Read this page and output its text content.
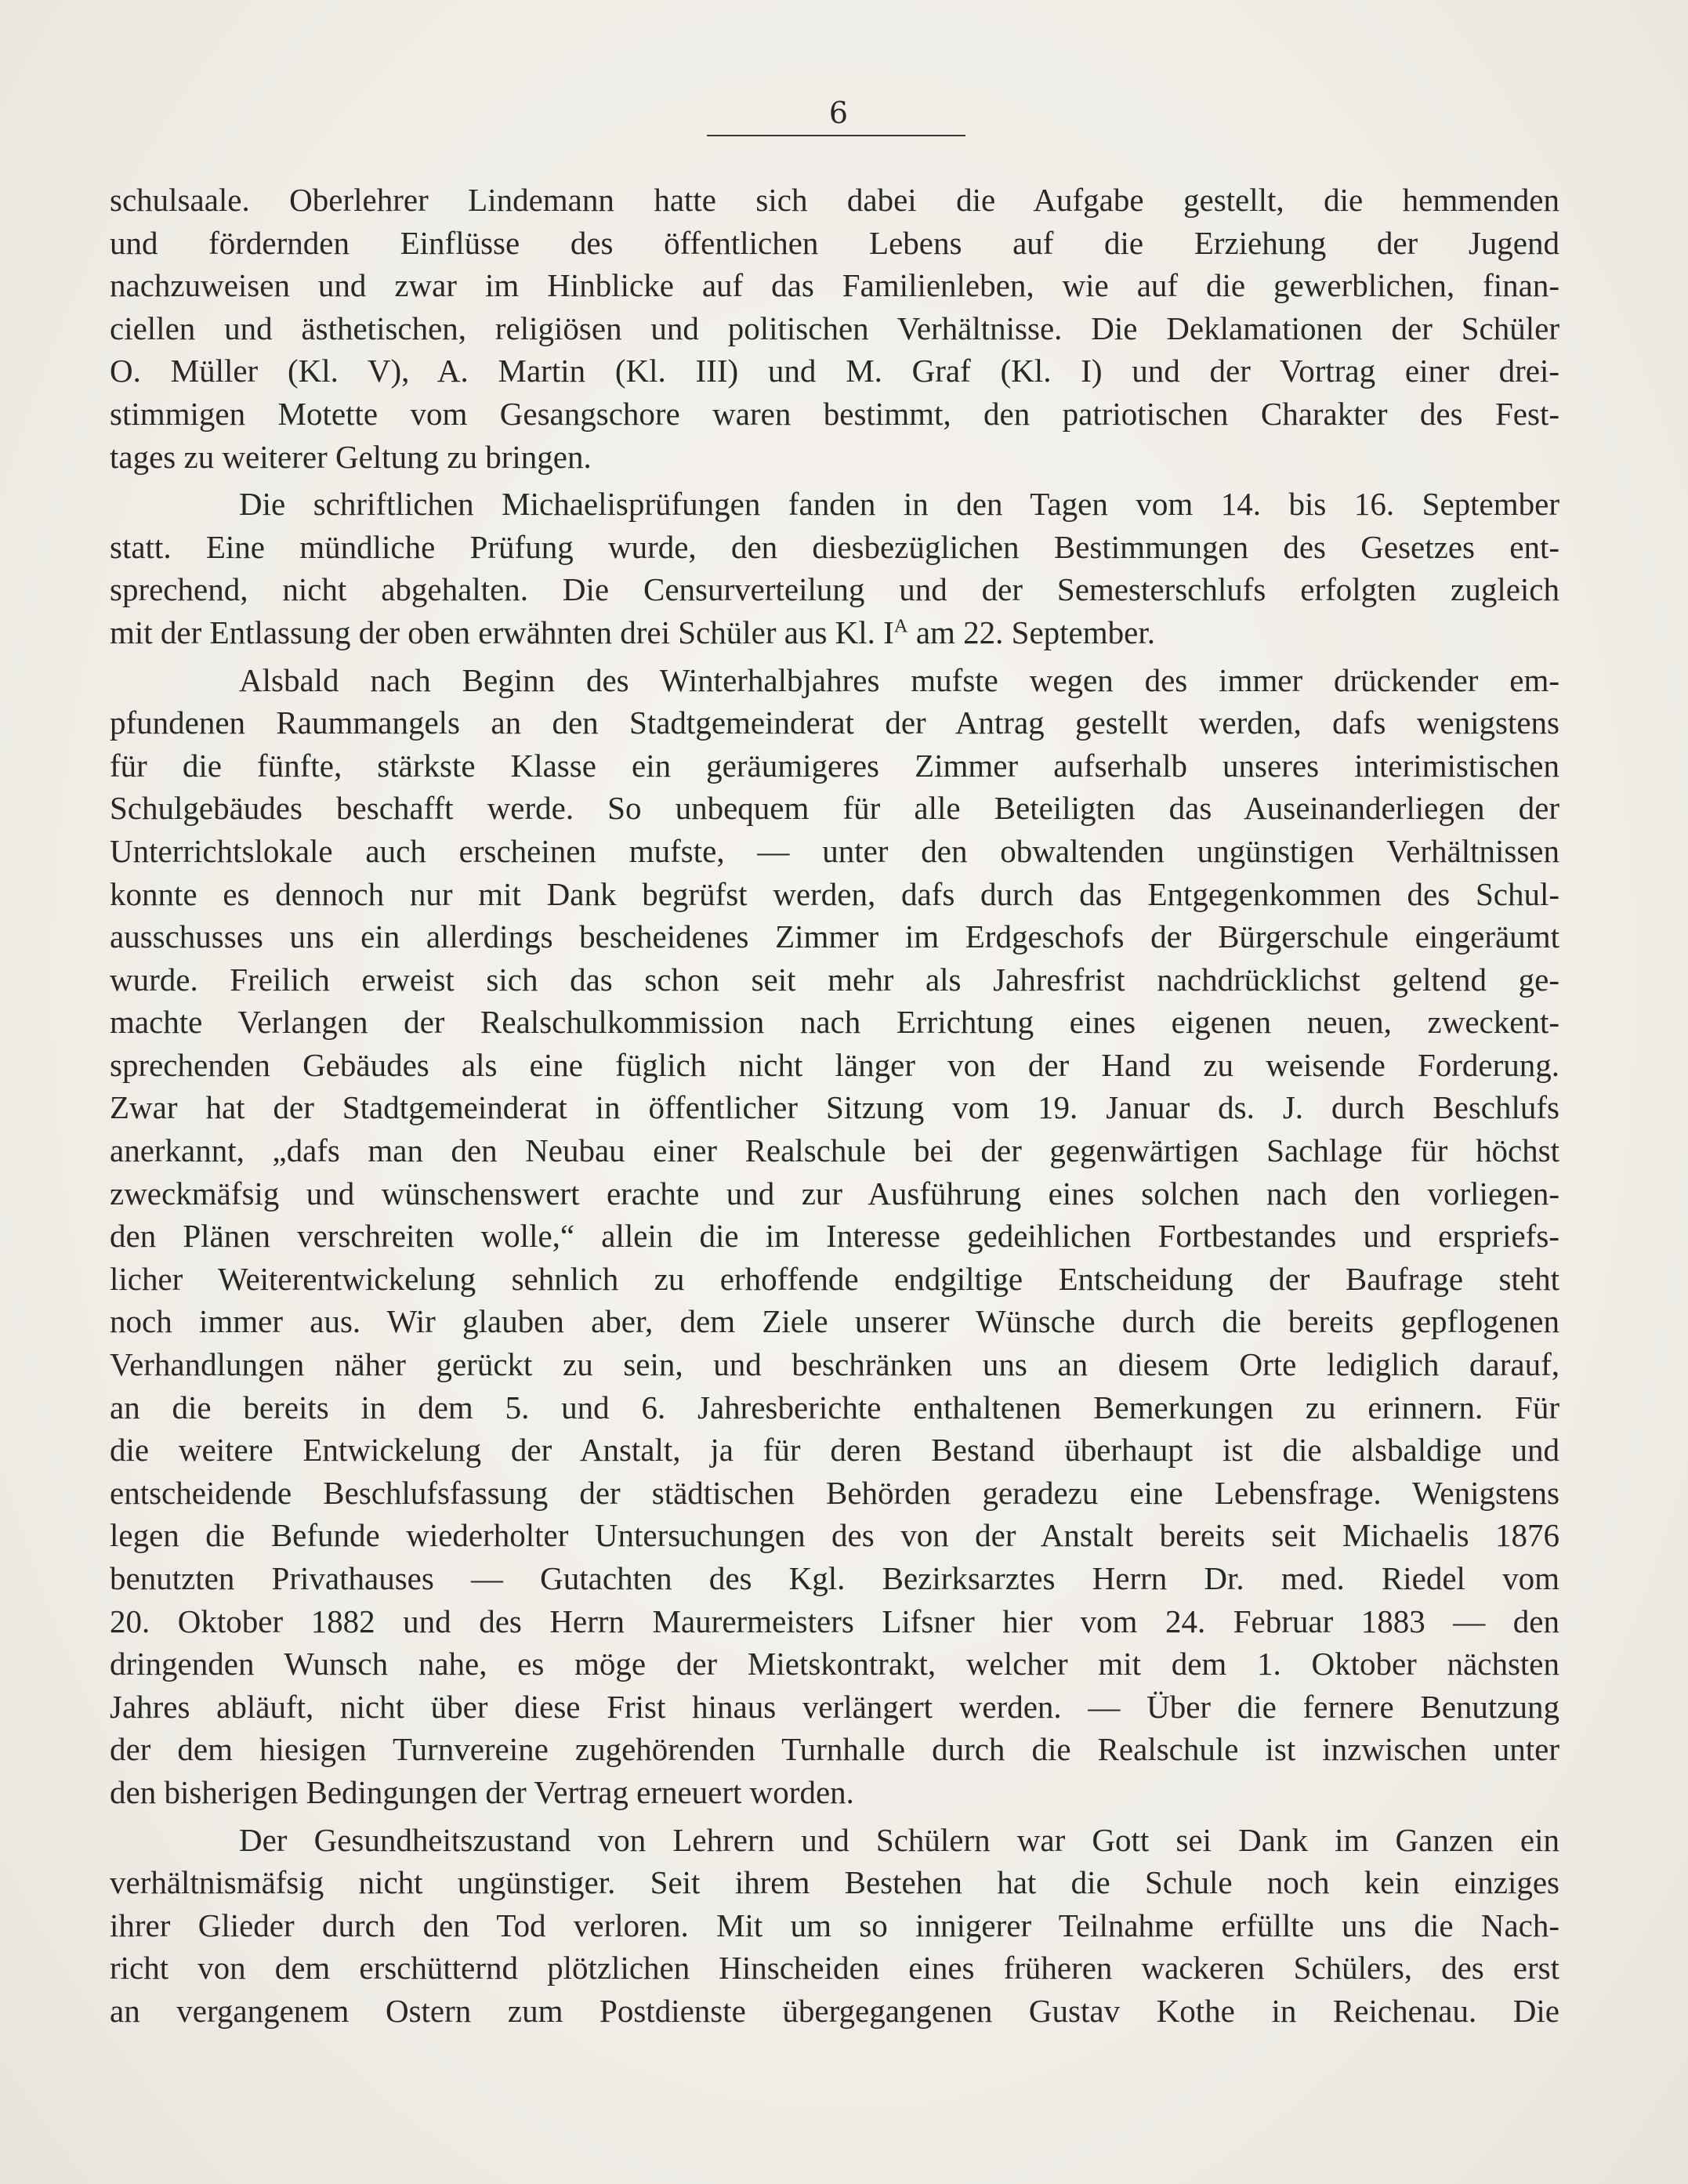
6
schulsaale. Oberlehrer Lindemann hatte sich dabei die Aufgabe gestellt, die hemmenden
und fördernden Einflüsse des öffentlichen Lebens auf die Erziehung der Jugend
nachzuweisen und zwar im Hinblicke auf das Familienleben, wie auf die gewerblichen, finan-
ciellen und ästhetischen, religiösen und politischen Verhältnisse. Die Deklamationen der Schüler
O. Müller (Kl. V), A. Martin (Kl. III) und M. Graf (Kl. I) und der Vortrag einer drei-
stimmigen Motette vom Gesangschore waren bestimmt, den patriotischen Charakter des Fest-
tages zu weiterer Geltung zu bringen.
Die schriftlichen Michaelisprüfungen fanden in den Tagen vom 14. bis 16. September
statt. Eine mündliche Prüfung wurde, den diesbezüglichen Bestimmungen des Gesetzes ent-
sprechend, nicht abgehalten. Die Censurverteilung und der Semesterschlufs erfolgten zugleich
mit der Entlassung der oben erwähnten drei Schüler aus Kl. $I^A$ am 22. September.
Alsbald nach Beginn des Winterhalbjahres mufste wegen des immer drückender em-
pfundenen Raummangels an den Stadtgemeinderat der Antrag gestellt werden, dafs wenigstens
für die fünfte, stärkste Klasse ein geräumigeres Zimmer aufserhalb unseres interimistischen
Schulgebäudes beschafft werde. So unbequem für alle Beteiligten das Auseinanderliegen der
Unterrichtslokale auch erscheinen mufste, — unter den obwaltenden ungünstigen Verhältnissen
konnte es dennoch nur mit Dank begrüfst werden, dafs durch das Entgegenkommen des Schul-
ausschusses uns ein allerdings bescheidenes Zimmer im Erdgeschofs der Bürgerschule eingeräumt
wurde. Freilich erweist sich das schon seit mehr als Jahresfrist nachdrücklichst geltend ge-
machte Verlangen der Realschulkommission nach Errichtung eines eigenen neuen, zweckent-
sprechenden Gebäudes als eine füglich nicht länger von der Hand zu weisende Forderung.
Zwar hat der Stadtgemeinderat in öffentlicher Sitzung vom 19. Januar ds. J. durch Beschlufs
anerkannt, „dafs man den Neubau einer Realschule bei der gegenwärtigen Sachlage für höchst
zweckmäfsig und wünschenswert erachte und zur Ausführung eines solchen nach den vorliegen-
den Plänen verschreiten wolle,“ allein die im Interesse gedeihlichen Fortbestandes und erspriefs-
licher Weiterentwickelung sehnlich zu erhoffende endgiltige Entscheidung der Baufrage steht
noch immer aus. Wir glauben aber, dem Ziele unserer Wünsche durch die bereits gepflogenen
Verhandlungen näher gerückt zu sein, und beschränken uns an diesem Orte lediglich darauf,
an die bereits in dem 5. und 6. Jahresberichte enthaltenen Bemerkungen zu erinnern. Für
die weitere Entwickelung der Anstalt, ja für deren Bestand überhaupt ist die alsbaldige und
entscheidende Beschlufsfassung der städtischen Behörden geradezu eine Lebensfrage. Wenigstens
legen die Befunde wiederholter Untersuchungen des von der Anstalt bereits seit Michaelis 1876
benutzten Privathauses — Gutachten des Kgl. Bezirksarztes Herrn Dr. med. Riedel vom
20. Oktober 1882 und des Herrn Maurermeisters Lifsner hier vom 24. Februar 1883 — den
dringenden Wunsch nahe, es möge der Mietskontrakt, welcher mit dem 1. Oktober nächsten
Jahres abläuft, nicht über diese Frist hinaus verlängert werden. — Über die fernere Benutzung
der dem hiesigen Turnvereine zugehörenden Turnhalle durch die Realschule ist inzwischen unter
den bisherigen Bedingungen der Vertrag erneuert worden.
Der Gesundheitszustand von Lehrern und Schülern war Gott sei Dank im Ganzen ein
verhältnismäfsig nicht ungünstiger. Seit ihrem Bestehen hat die Schule noch kein einziges
ihrer Glieder durch den Tod verloren. Mit um so innigerer Teilnahme erfüllte uns die Nach-
richt von dem erschütternd plötzlichen Hinscheiden eines früheren wackeren Schülers, des erst
an vergangenem Ostern zum Postdienste übergegangenen Gustav Kothe in Reichenau. Die
